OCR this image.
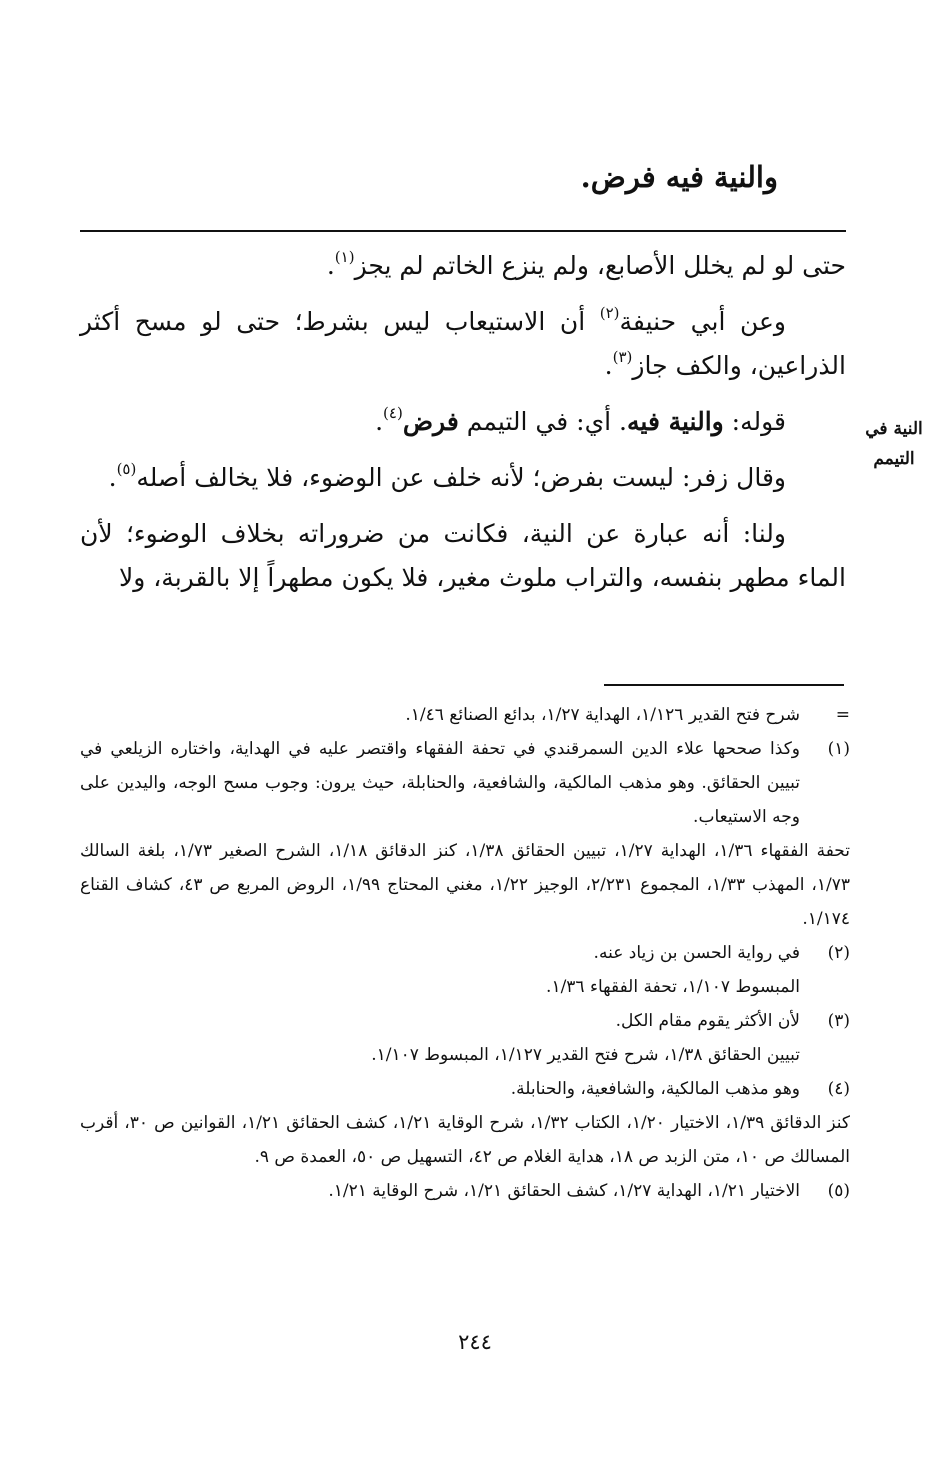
والنية فيه فرض.
النية في التيمم

حتى لو لم يخلل الأصابع، ولم ينزع الخاتم لم يجز$^{(١)}$.

وعن أبي حنيفة$^{(٢)}$ أن الاستيعاب ليس بشرط؛ حتى لو مسح أكثر الذراعين، والكف جاز$^{(٣)}$.

قوله: والنية فيه. أي: في التيمم فرض$^{(٤)}$.

وقال زفر: ليست بفرض؛ لأنه خلف عن الوضوء، فلا يخالف أصله$^{(٥)}$.

ولنا: أنه عبارة عن النية، فكانت من ضروراته بخلاف الوضوء؛ لأن الماء مطهر بنفسه، والتراب ملوث مغير، فلا يكون مطهراً إلا بالقربة، ولا

=
شرح فتح القدير ١/١٢٦، الهداية ١/٢٧، بدائع الصنائع ١/٤٦.
(١)
وكذا صححها علاء الدين السمرقندي في تحفة الفقهاء واقتصر عليه في الهداية، واختاره الزيلعي في تبيين الحقائق. وهو مذهب المالكية، والشافعية، والحنابلة، حيث يرون: وجوب مسح الوجه، واليدين على وجه الاستيعاب.
تحفة الفقهاء ١/٣٦، الهداية ١/٢٧، تبيين الحقائق ١/٣٨، كنز الدقائق ١/١٨، الشرح الصغير ١/٧٣، بلغة السالك ١/٧٣، المهذب ١/٣٣، المجموع ٢/٢٣١، الوجيز ١/٢٢، مغني المحتاج ١/٩٩، الروض المربع ص ٤٣، كشاف القناع ١/١٧٤.
(٢)
في رواية الحسن بن زياد عنه.
المبسوط ١/١٠٧، تحفة الفقهاء ١/٣٦.
(٣)
لأن الأكثر يقوم مقام الكل.
تبيين الحقائق ١/٣٨، شرح فتح القدير ١/١٢٧، المبسوط ١/١٠٧.
(٤)
وهو مذهب المالكية، والشافعية، والحنابلة.
كنز الدقائق ١/٣٩، الاختيار ١/٢٠، الكتاب ١/٣٢، شرح الوقاية ١/٢١، كشف الحقائق ١/٢١، القوانين ص ٣٠، أقرب المسالك ص ١٠، متن الزبد ص ١٨، هداية الغلام ص ٤٢، التسهيل ص ٥٠، العمدة ص ٩.
(٥)
الاختيار ١/٢١، الهداية ١/٢٧، كشف الحقائق ١/٢١، شرح الوقاية ١/٢١.
٢٤٤
